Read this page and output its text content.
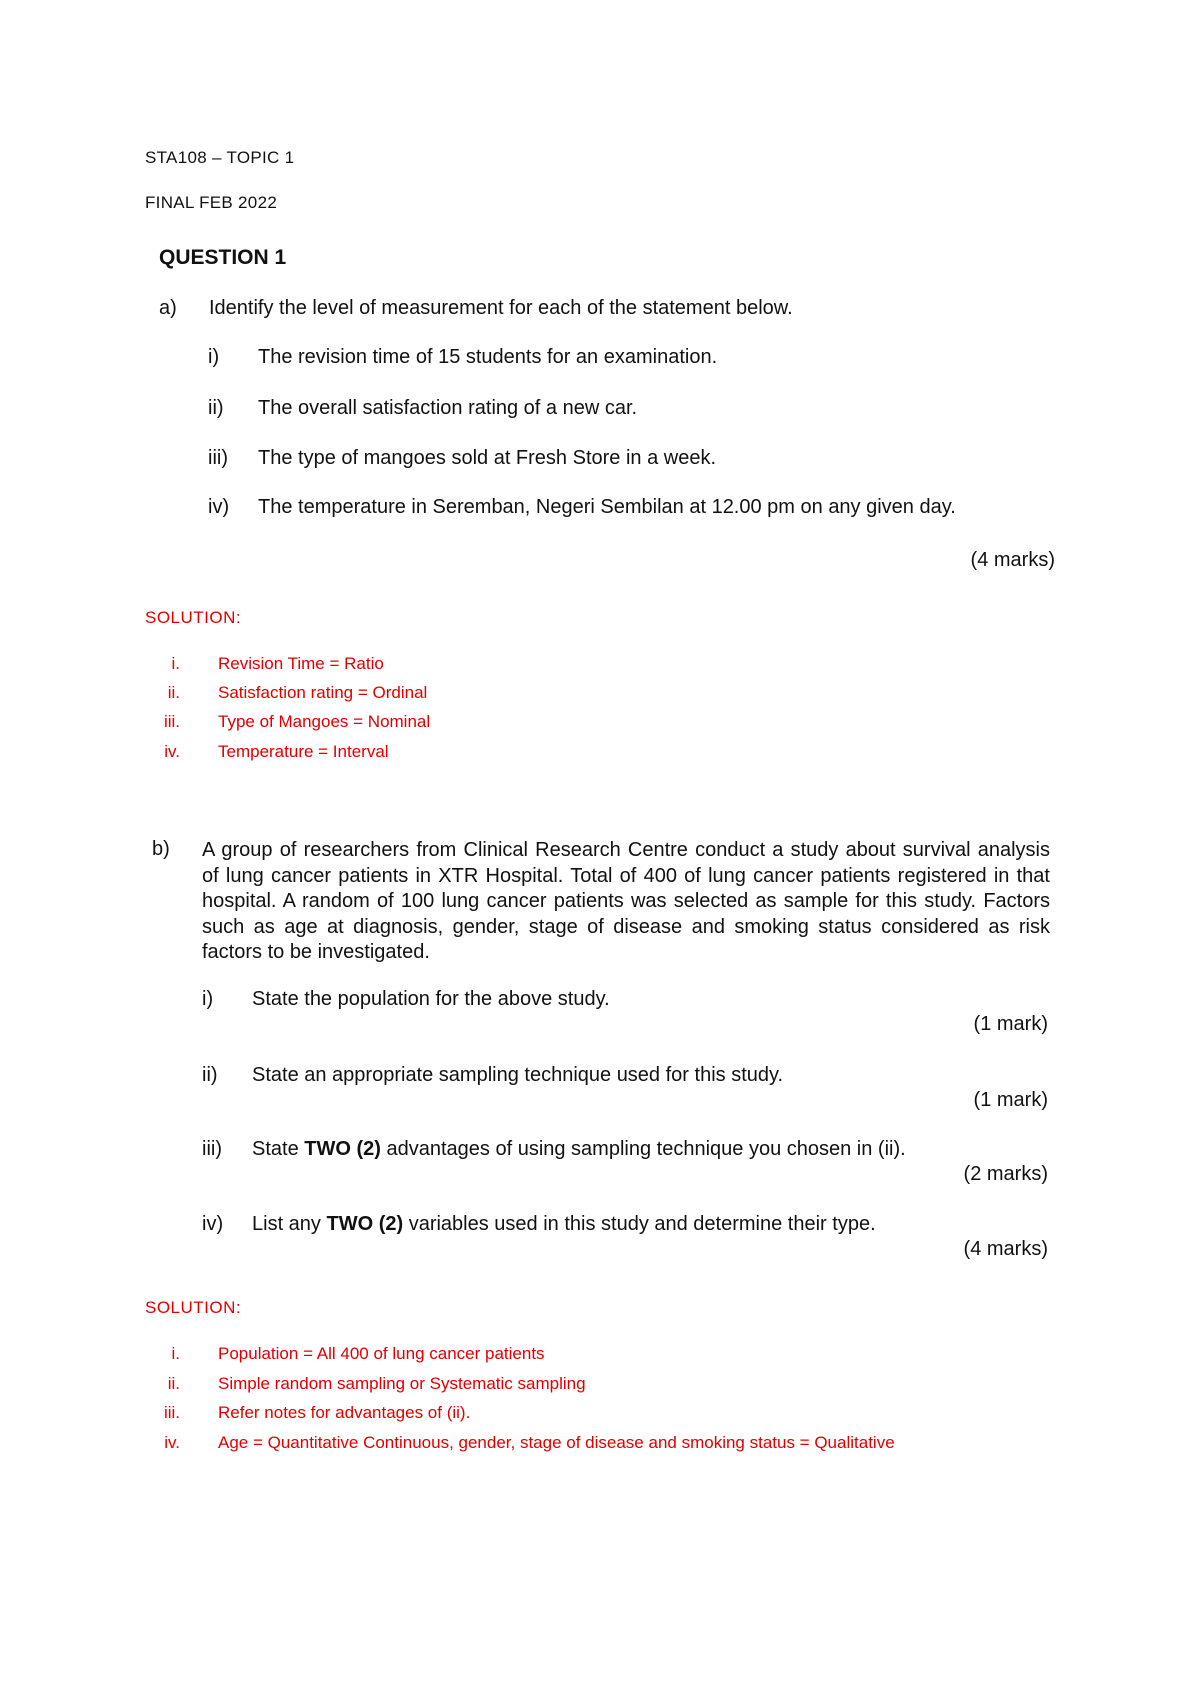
STA108 – TOPIC 1
FINAL FEB 2022
QUESTION 1
a) Identify the level of measurement for each of the statement below.
i) The revision time of 15 students for an examination.
ii) The overall satisfaction rating of a new car.
iii) The type of mangoes sold at Fresh Store in a week.
iv) The temperature in Seremban, Negeri Sembilan at 12.00 pm on any given day.
(4 marks)
SOLUTION:
i. Revision Time = Ratio
ii. Satisfaction rating = Ordinal
iii. Type of Mangoes = Nominal
iv. Temperature = Interval
b) A group of researchers from Clinical Research Centre conduct a study about survival analysis of lung cancer patients in XTR Hospital. Total of 400 of lung cancer patients registered in that hospital. A random of 100 lung cancer patients was selected as sample for this study. Factors such as age at diagnosis, gender, stage of disease and smoking status considered as risk factors to be investigated.
i) State the population for the above study.
(1 mark)
ii) State an appropriate sampling technique used for this study.
(1 mark)
iii) State TWO (2) advantages of using sampling technique you chosen in (ii).
(2 marks)
iv) List any TWO (2) variables used in this study and determine their type.
(4 marks)
SOLUTION:
i. Population = All 400 of lung cancer patients
ii. Simple random sampling or Systematic sampling
iii. Refer notes for advantages of (ii).
iv. Age = Quantitative Continuous, gender, stage of disease and smoking status = Qualitative
